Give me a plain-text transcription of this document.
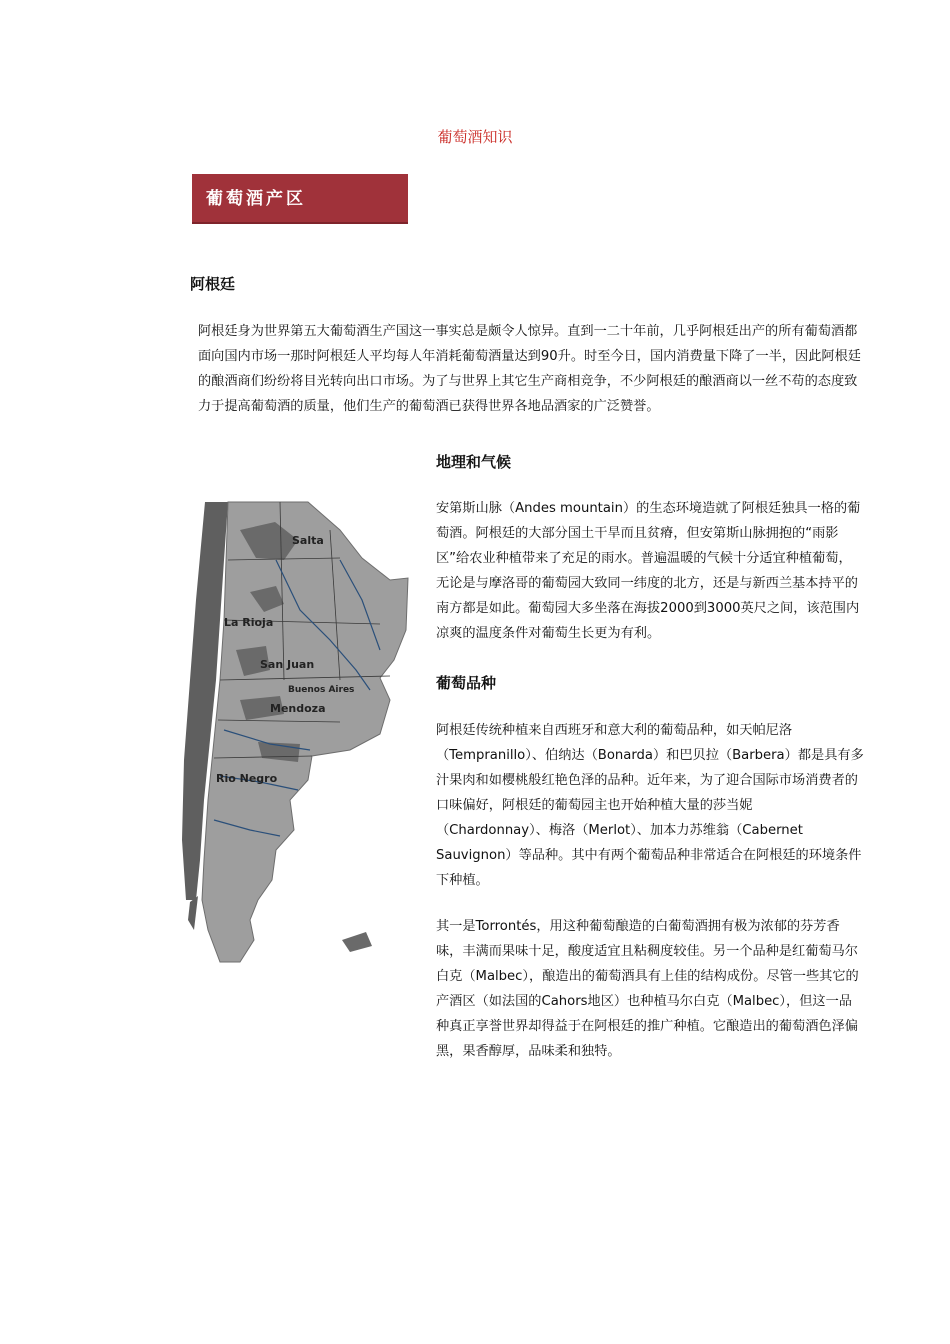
葡萄酒知识
葡萄酒产区
阿根廷

阿根廷身为世界第五大葡萄酒生产国这一事实总是颇令人惊异。直到一二十年前，几乎阿根廷出产的所有葡萄酒都面向国内市场一那时阿根廷人平均每人年消耗葡萄酒量达到90升。时至今日，国内消费量下降了一半，因此阿根廷的酿酒商们纷纷将目光转向出口市场。为了与世界上其它生产商相竞争，不少阿根廷的酿酒商以一丝不苟的态度致力于提高葡萄酒的质量，他们生产的葡萄酒已获得世界各地品酒家的广泛赞誉。

地理和气候

安第斯山脉（Andes mountain）的生态环境造就了阿根廷独具一格的葡萄酒。阿根廷的大部分国土干旱而且贫瘠，但安第斯山脉拥抱的“雨影区”给农业种植带来了充足的雨水。普遍温暖的气候十分适宜种植葡萄，无论是与摩洛哥的葡萄园大致同一纬度的北方，还是与新西兰基本持平的南方都是如此。葡萄园大多坐落在海拔2000到3000英尺之间，该范围内凉爽的温度条件对葡萄生长更为有利。

葡萄品种

阿根廷传统种植来自西班牙和意大利的葡萄品种，如天帕尼洛（Tempranillo）、伯纳达（Bonarda）和巴贝拉（Barbera）都是具有多汁果肉和如樱桃般红艳色泽的品种。近年来，为了迎合国际市场消费者的口味偏好，阿根廷的葡萄园主也开始种植大量的莎当妮（Chardonnay）、梅洛（Merlot）、加本力苏维翁（Cabernet Sauvignon）等品种。其中有两个葡萄品种非常适合在阿根廷的环境条件下种植。

其一是Torrontés，用这种葡萄酿造的白葡萄酒拥有极为浓郁的芬芳香味，丰满而果味十足，酸度适宜且粘稠度较佳。另一个品种是红葡萄马尔白克（Malbec），酿造出的葡萄酒具有上佳的结构成份。尽管一些其它的产酒区（如法国的Cahors地区）也种植马尔白克（Malbec），但这一品种真正享誉世界却得益于在阿根廷的推广种植。它酿造出的葡萄酒色泽偏黑，果香醇厚，品味柔和独特。

Salta
La Rioja
San Juan
Buenos Aires
Mendoza
Rio Negro
